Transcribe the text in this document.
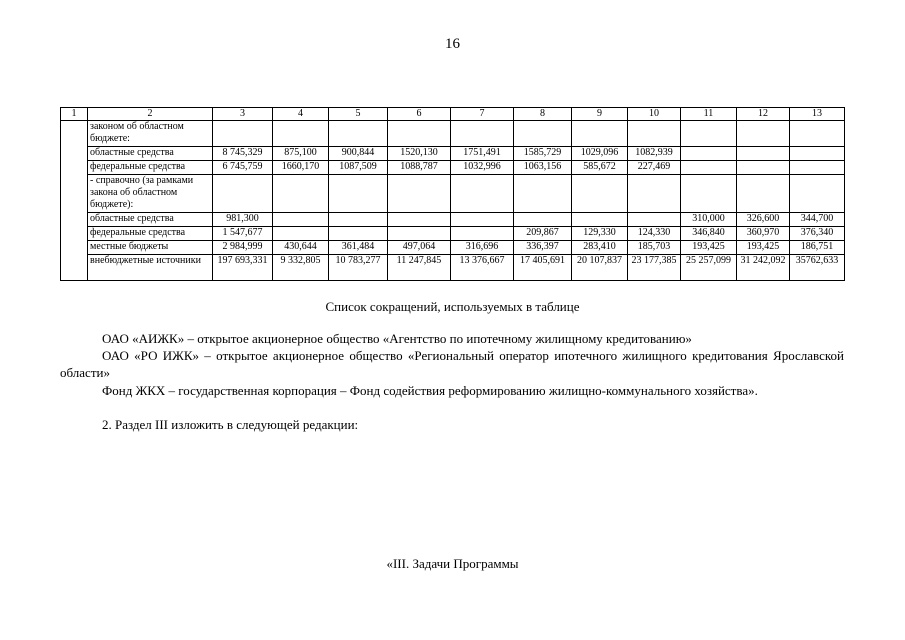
16
1	2	3	4	5	6	7	8	9	10	11	12	13
	законом об областном бюджете:											
	областные средства	8 745,329	875,100	900,844	1520,130	1751,491	1585,729	1029,096	1082,939			
	федеральные средства	6 745,759	1660,170	1087,509	1088,787	1032,996	1063,156	585,672	227,469			
	- справочно (за рамками закона об областном бюджете):											
	областные средства	981,300								310,000	326,600	344,700
	федеральные средства	1 547,677					209,867	129,330	124,330	346,840	360,970	376,340
	местные бюджеты	2 984,999	430,644	361,484	497,064	316,696	336,397	283,410	185,703	193,425	193,425	186,751
	внебюджетные источники	197 693,331	9 332,805	10 783,277	11 247,845	13 376,667	17 405,691	20 107,837	23 177,385	25 257,099	31 242,092	35762,633
Список сокращений, используемых в таблице
ОАО «АИЖК» – открытое акционерное общество «Агентство по ипотечному жилищному кредитованию»
ОАО «РО ИЖК» – открытое акционерное общество «Региональный оператор ипотечного жилищного кредитования Ярославской области»
Фонд ЖКХ – государственная корпорация – Фонд содействия реформированию жилищно-коммунального хозяйства».
2. Раздел III изложить в следующей редакции:
«III. Задачи Программы
